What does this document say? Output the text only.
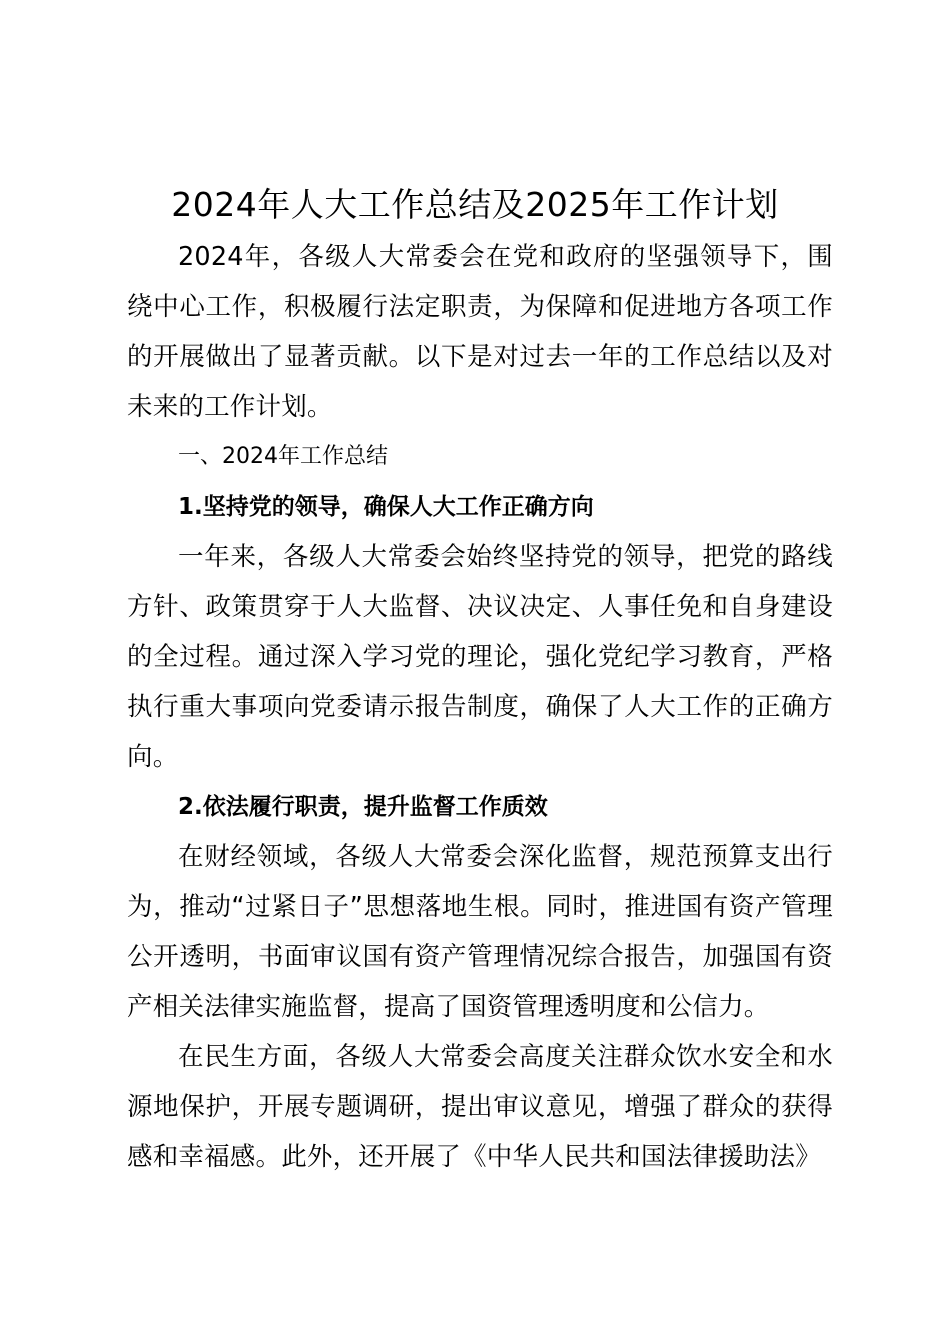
2024年人大工作总结及2025年工作计划

2024年，各级人大常委会在党和政府的坚强领导下，围绕中心工作，积极履行法定职责，为保障和促进地方各项工作的开展做出了显著贡献。以下是对过去一年的工作总结以及对未来的工作计划。

一、2024年工作总结

1.坚持党的领导，确保人大工作正确方向

一年来，各级人大常委会始终坚持党的领导，把党的路线方针、政策贯穿于人大监督、决议决定、人事任免和自身建设的全过程。通过深入学习党的理论，强化党纪学习教育，严格执行重大事项向党委请示报告制度，确保了人大工作的正确方向。

2.依法履行职责，提升监督工作质效

在财经领域，各级人大常委会深化监督，规范预算支出行为，推动“过紧日子”思想落地生根。同时，推进国有资产管理公开透明，书面审议国有资产管理情况综合报告，加强国有资产相关法律实施监督，提高了国资管理透明度和公信力。

在民生方面，各级人大常委会高度关注群众饮水安全和水源地保护，开展专题调研，提出审议意见，增强了群众的获得感和幸福感。此外，还开展了《中华人民共和国法律援助法》
